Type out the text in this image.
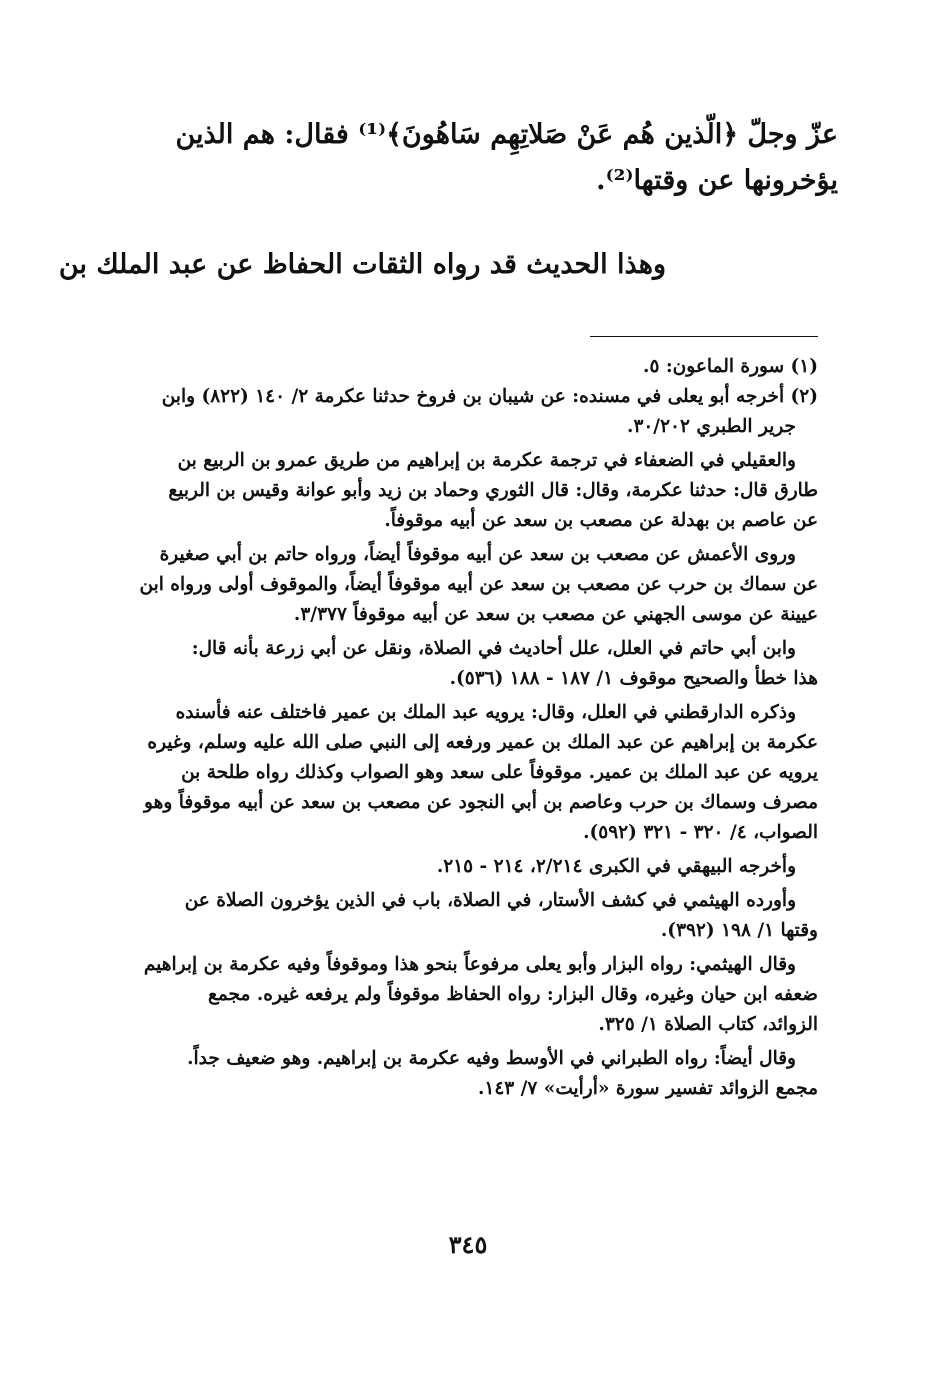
عزّ وجلّ ﴿الّذين هُم عَنْ صَلاتِهِم سَاهُونَ﴾⁽¹⁾ فقال: هم الذين
يؤخرونها عن وقتها⁽²⁾.
وهذا الحديث قد رواه الثقات الحفاظ عن عبد الملك بن
(١) سورة الماعون: ٥.
(٢) أخرجه أبو يعلى في مسنده: عن شيبان بن فروخ حدثنا عكرمة ٢/ ١٤٠ (٨٢٢) وابن
جرير الطبري ٣٠/٢٠٢.
والعقيلي في الضعفاء في ترجمة عكرمة بن إبراهيم من طريق عمرو بن الربيع بن
طارق قال: حدثنا عكرمة، وقال: قال الثوري وحماد بن زيد وأبو عوانة وقيس بن الربيع
عن عاصم بن بهدلة عن مصعب بن سعد عن أبيه موقوفاً.
وروى الأعمش عن مصعب بن سعد عن أبيه موقوفاً أيضاً، ورواه حاتم بن أبي صغيرة
عن سماك بن حرب عن مصعب بن سعد عن أبيه موقوفاً أيضاً، والموقوف أولى ورواه ابن
عيينة عن موسى الجهني عن مصعب بن سعد عن أبيه موقوفاً ٣/٣٧٧.
وابن أبي حاتم في العلل، علل أحاديث في الصلاة، ونقل عن أبي زرعة بأنه قال:
هذا خطأ والصحيح موقوف ١/ ١٨٧ - ١٨٨ (٥٣٦).
وذكره الدارقطني في العلل، وقال: يرويه عبد الملك بن عمير فاختلف عنه فأسنده
عكرمة بن إبراهيم عن عبد الملك بن عمير ورفعه إلى النبي صلى الله عليه وسلم، وغيره
يرويه عن عبد الملك بن عمير. موقوفاً على سعد وهو الصواب وكذلك رواه طلحة بن
مصرف وسماك بن حرب وعاصم بن أبي النجود عن مصعب بن سعد عن أبيه موقوفاً وهو
الصواب، ٤/ ٣٢٠ - ٣٢١ (٥٩٢).
وأخرجه البيهقي في الكبرى ٢/٢١٤، ٢١٤ - ٢١٥.
وأورده الهيثمي في كشف الأستار، في الصلاة، باب في الذين يؤخرون الصلاة عن
وقتها ١/ ١٩٨ (٣٩٢).
وقال الهيثمي: رواه البزار وأبو يعلى مرفوعاً بنحو هذا وموقوفاً وفيه عكرمة بن إبراهيم
ضعفه ابن حيان وغيره، وقال البزار: رواه الحفاظ موقوفاً ولم يرفعه غيره. مجمع
الزوائد، كتاب الصلاة ١/ ٣٢٥.
وقال أيضاً: رواه الطبراني في الأوسط وفيه عكرمة بن إبراهيم. وهو ضعيف جداً.
مجمع الزوائد تفسير سورة «أرأيت» ٧/ ١٤٣.
٣٤٥
